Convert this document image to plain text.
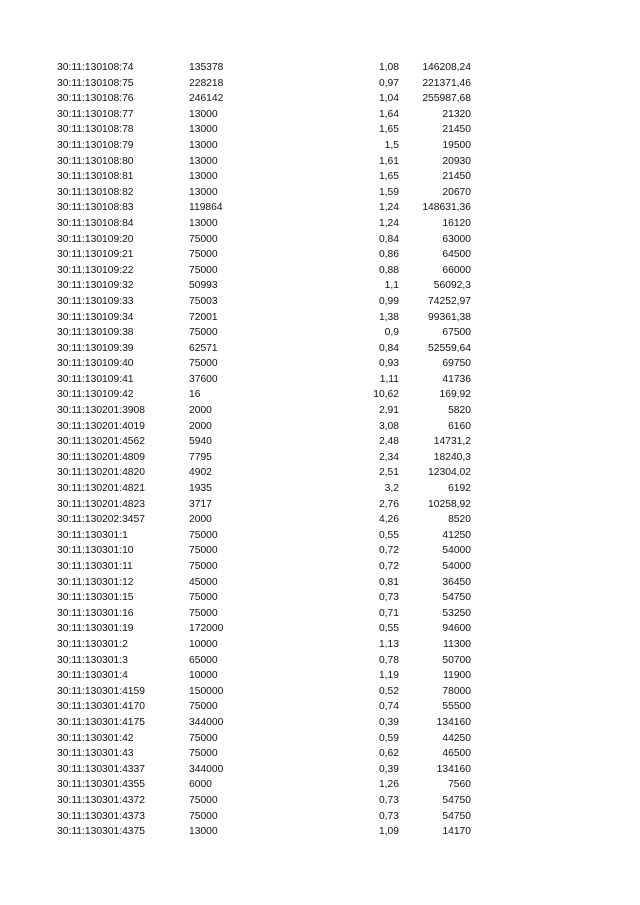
30:11:130108:74	135378	1,08 146208,24
30:11:130108:75	228218	0,97 221371,46
30:11:130108:76	246142	1,04 255987,68
30:11:130108:77	13000	1,64	21320
30:11:130108:78	13000	1,65	21450
30:11:130108:79	13000	1,5	19500
30:11:130108:80	13000	1,61	20930
30:11:130108:81	13000	1,65	21450
30:11:130108:82	13000	1,59	20670
30:11:130108:83	119864	1,24 148631,36
30:11:130108:84	13000	1,24	16120
30:11:130109:20	75000	0,84	63000
30:11:130109:21	75000	0,86	64500
30:11:130109:22	75000	0,88	66000
30:11:130109:32	50993	1,1	56092,3
30:11:130109:33	75003	0,99	74252,97
30:11:130109:34	72001	1,38	99361,38
30:11:130109:38	75000	0,9	67500
30:11:130109:39	62571	0,84	52559,64
30:11:130109:40	75000	0,93	69750
30:11:130109:41	37600	1,11	41736
30:11:130109:42	16	10,62	169,92
30:11:130201:3908	2000	2,91	5820
30:11:130201:4019	2000	3,08	6160
30:11:130201:4562	5940	2,48	14731,2
30:11:130201:4809	7795	2,34	18240,3
30:11:130201:4820	4902	2,51	12304,02
30:11:130201:4821	1935	3,2	6192
30:11:130201:4823	3717	2,76	10258,92
30:11:130202:3457	2000	4,26	8520
30:11:130301:1	75000	0,55	41250
30:11:130301:10	75000	0,72	54000
30:11:130301:11	75000	0,72	54000
30:11:130301:12	45000	0,81	36450
30:11:130301:15	75000	0,73	54750
30:11:130301:16	75000	0,71	53250
30:11:130301:19	172000	0,55	94600
30:11:130301:2	10000	1,13	11300
30:11:130301:3	65000	0,78	50700
30:11:130301:4	10000	1,19	11900
30:11:130301:4159	150000	0,52	78000
30:11:130301:4170	75000	0,74	55500
30:11:130301:4175	344000	0,39	134160
30:11:130301:42	75000	0,59	44250
30:11:130301:43	75000	0,62	46500
30:11:130301:4337	344000	0,39	134160
30:11:130301:4355	6000	1,26	7560
30:11:130301:4372	75000	0,73	54750
30:11:130301:4373	75000	0,73	54750
30:11:130301:4375	13000	1,09	14170
